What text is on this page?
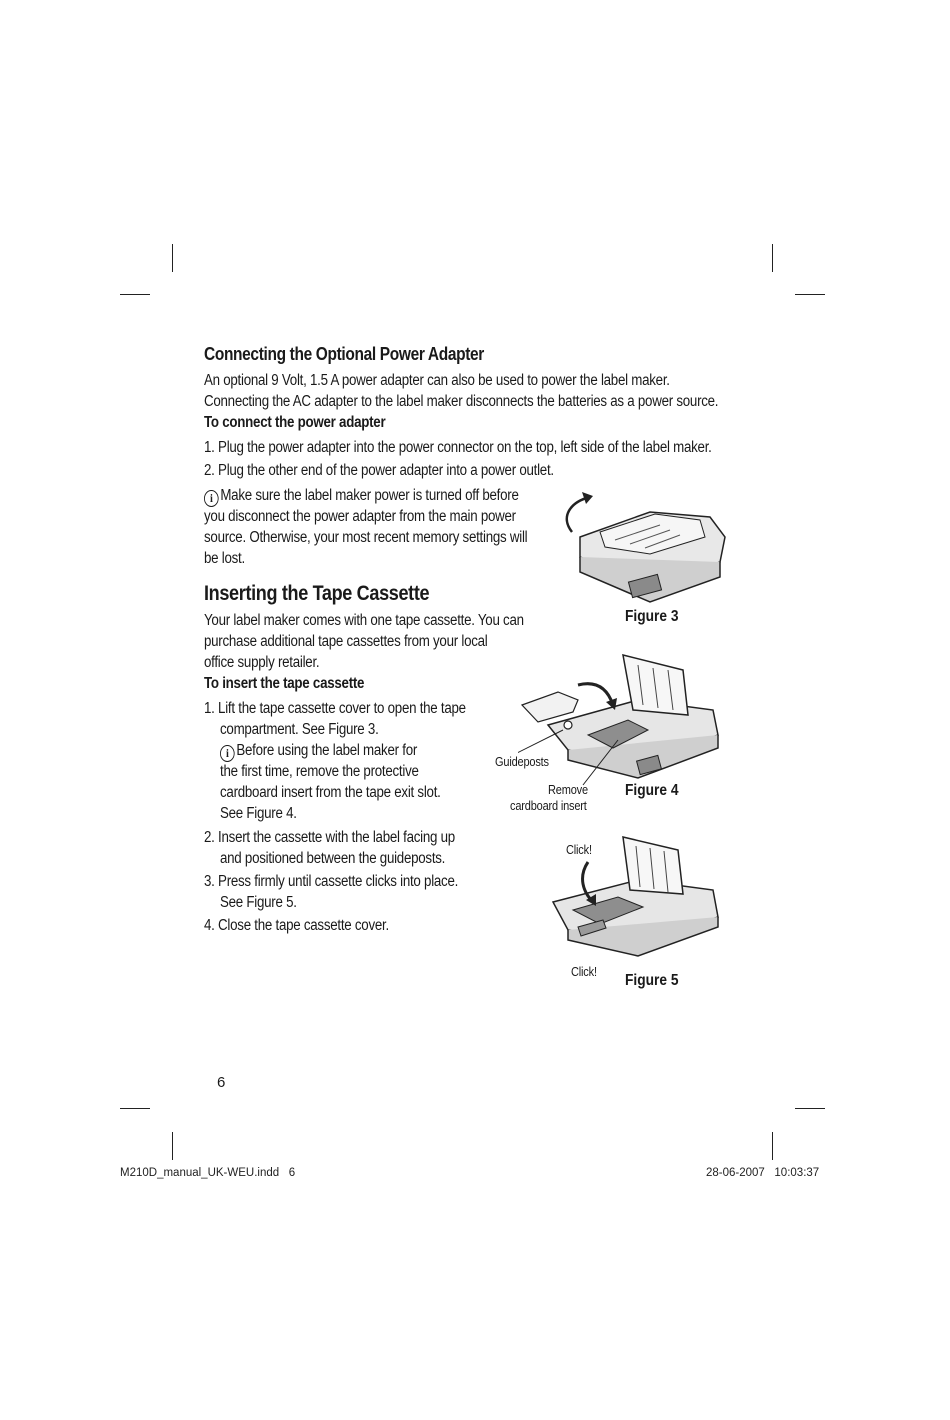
Connecting the Optional Power Adapter
An optional 9 Volt, 1.5 A power adapter can also be used to power the label maker.
Connecting the AC adapter to the label maker disconnects the batteries as a power source.
To connect the power adapter
1. Plug the power adapter into the power connector on the top, left side of the label maker.
2. Plug the other end of the power adapter into a power outlet.
i Make sure the label maker power is turned off before
you disconnect the power adapter from the main power
source. Otherwise, your most recent memory settings will
be lost.
Inserting the Tape Cassette
Your label maker comes with one tape cassette. You can
purchase additional tape cassettes from your local
office supply retailer.
To insert the tape cassette
1. Lift the tape cassette cover to open the tape
compartment. See Figure 3.
i Before using the label maker for
the first time, remove the protective
cardboard insert from the tape exit slot.
See Figure 4.
2. Insert the cassette with the label facing up
and positioned between the guideposts.
3. Press firmly until cassette clicks into place.
See Figure 5.
4. Close the tape cassette cover.
Figure 3
Guideposts
Remove
cardboard insert
Figure 4
Click!
Click! Figure 5
6
M210D_manual_UK-WEU.indd   6	28-06-2007   10:03:37
